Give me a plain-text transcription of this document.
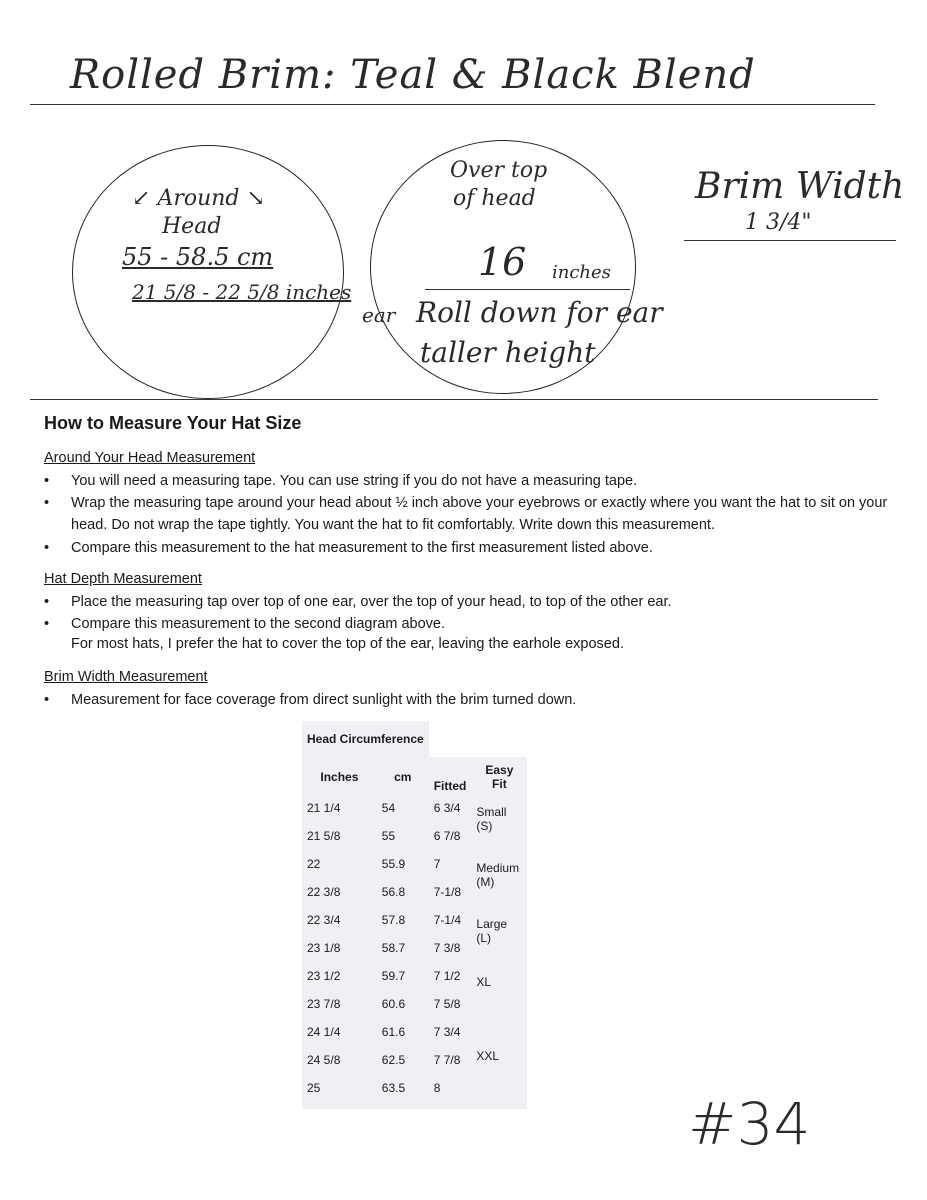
Rolled Brim: Teal & Black Blend
↙ Around ↘
Head
55 - 58.5 cm
21 5/8 - 22 5/8 inches
Over top
of head
16 inches
ear Roll down for ear
taller height
Brim Width
1 3/4"
How to Measure Your Hat Size
Around Your Head Measurement
• You will need a measuring tape. You can use string if you do not have a measuring tape.
• Wrap the measuring tape around your head about ½ inch above your eyebrows or exactly where you want the hat to sit on your head. Do not wrap the tape tightly. You want the hat to fit comfortably. Write down this measurement.
• Compare this measurement to the hat measurement to the first measurement listed above.
Hat Depth Measurement
• Place the measuring tap over top of one ear, over the top of your head, to top of the other ear.
• Compare this measurement to the second diagram above.
For most hats, I prefer the hat to cover the top of the ear, leaving the earhole exposed.
Brim Width Measurement
• Measurement for face coverage from direct sunlight with the brim turned down.
Head Circumference			
Inches	cm	Fitted	Easy Fit
21 1/4	54	6 3/4	Small (S)
21 5/8	55	6 7/8	
22	55.9	7	Medium (M)
22 3/8	56.8	7-1/8	
22 3/4	57.8	7-1/4	Large (L)
23 1/8	58.7	7 3/8	
23 1/2	59.7	7 1/2	XL
23 7/8	60.6	7 5/8	
24 1/4	61.6	7 3/4	XXL
24 5/8	62.5	7 7/8	
25	63.5	8	
#34
